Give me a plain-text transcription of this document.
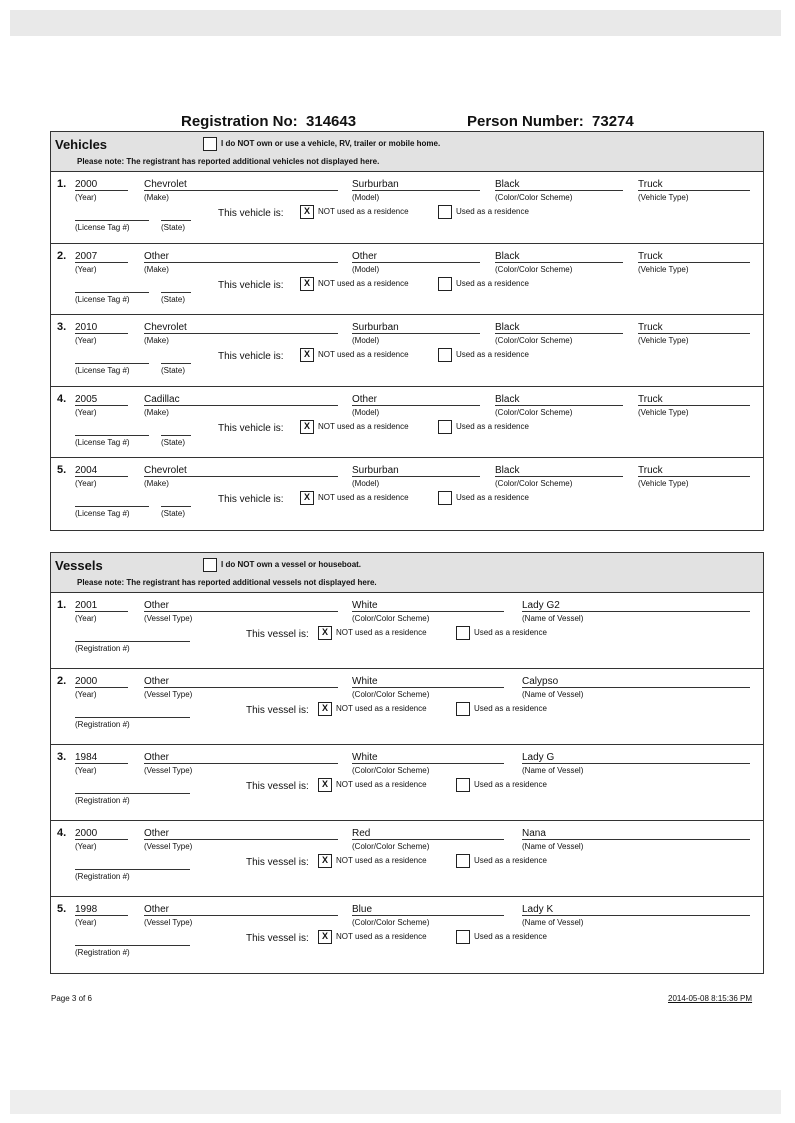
Registration No: 314643	Person Number: 73274
Vehicles	I do NOT own or use a vehicle, RV, trailer or mobile home.
Please note: The registrant has reported additional vehicles not displayed here.
1. 2000
(Year)
Chevrolet
(Make)
Surburban
(Model)
Black
(Color/Color Scheme)
Truck
(Vehicle Type)
(License Tag #)	(State)
This vehicle is:	X	NOT used as a residence	Used as a residence
2. 2007
(Year)
Other
(Make)
Other
(Model)
Black
(Color/Color Scheme)
Truck
(Vehicle Type)
(License Tag #)	(State)
This vehicle is:	X	NOT used as a residence	Used as a residence
3. 2010
(Year)
Chevrolet
(Make)
Surburban
(Model)
Black
(Color/Color Scheme)
Truck
(Vehicle Type)
(License Tag #)	(State)
This vehicle is:	X	NOT used as a residence	Used as a residence
4. 2005
(Year)
Cadillac
(Make)
Other
(Model)
Black
(Color/Color Scheme)
Truck
(Vehicle Type)
(License Tag #)	(State)
This vehicle is:	X	NOT used as a residence	Used as a residence
5. 2004
(Year)
Chevrolet
(Make)
Surburban
(Model)
Black
(Color/Color Scheme)
Truck
(Vehicle Type)
(License Tag #)	(State)
This vehicle is:	X	NOT used as a residence	Used as a residence
Vessels	I do NOT own a vessel or houseboat.
Please note: The registrant has reported additional vessels not displayed here.
1. 2001
(Year)
Other
(Vessel Type)
White
(Color/Color Scheme)
Lady G2
(Name of Vessel)
(Registration #)
This vessel is:	X	NOT used as a residence	Used as a residence
2. 2000
(Year)
Other
(Vessel Type)
White
(Color/Color Scheme)
Calypso
(Name of Vessel)
(Registration #)
This vessel is:	X	NOT used as a residence	Used as a residence
3. 1984
(Year)
Other
(Vessel Type)
White
(Color/Color Scheme)
Lady G
(Name of Vessel)
(Registration #)
This vessel is:	X	NOT used as a residence	Used as a residence
4. 2000
(Year)
Other
(Vessel Type)
Red
(Color/Color Scheme)
Nana
(Name of Vessel)
(Registration #)
This vessel is:	X	NOT used as a residence	Used as a residence
5. 1998
(Year)
Other
(Vessel Type)
Blue
(Color/Color Scheme)
Lady K
(Name of Vessel)
(Registration #)
This vessel is:	X	NOT used as a residence	Used as a residence
Page 3 of 6	2014-05-08 8:15:36 PM
